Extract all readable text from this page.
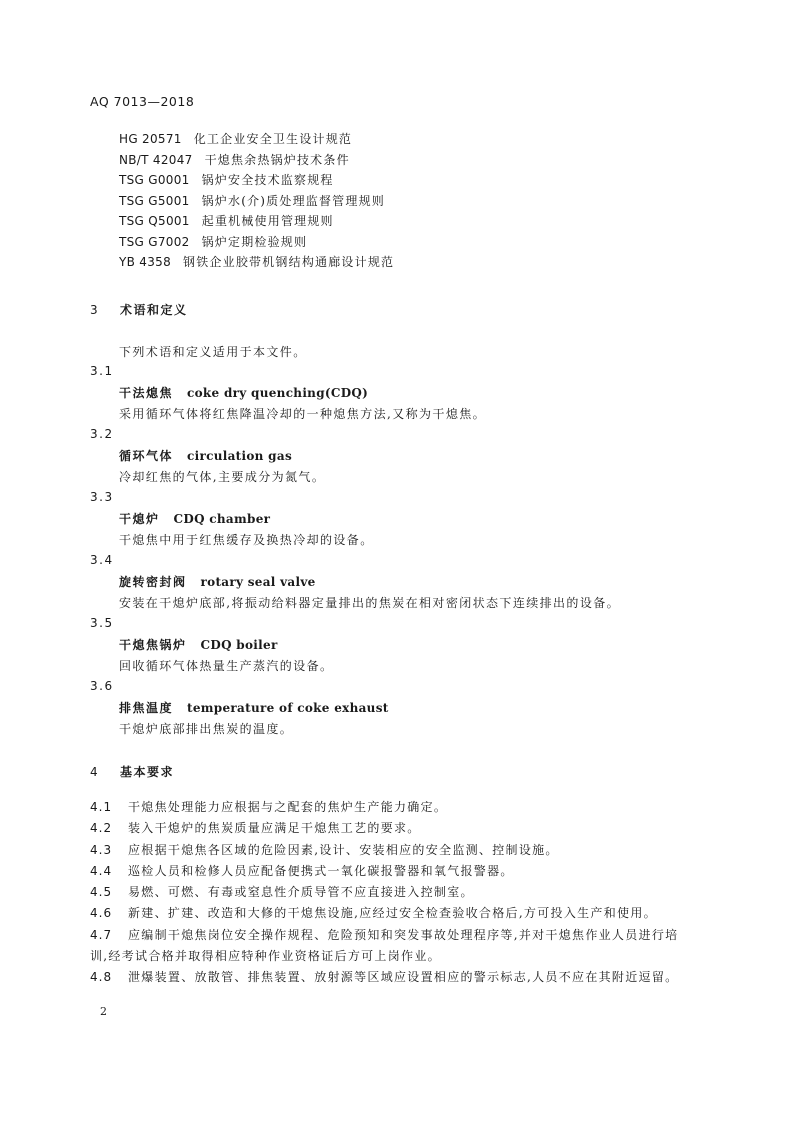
AQ 7013—2018
HG 20571 化工企业安全卫生设计规范
NB/T 42047 干熄焦余热锅炉技术条件
TSG G0001 锅炉安全技术监察规程
TSG G5001 锅炉水(介)质处理监督管理规则
TSG Q5001 起重机械使用管理规则
TSG G7002 锅炉定期检验规则
YB 4358 钢铁企业胶带机钢结构通廊设计规范
3 术语和定义
下列术语和定义适用于本文件。
3.1
干法熄焦 coke dry quenching(CDQ)
采用循环气体将红焦降温冷却的一种熄焦方法,又称为干熄焦。
3.2
循环气体 circulation gas
冷却红焦的气体,主要成分为氮气。
3.3
干熄炉 CDQ chamber
干熄焦中用于红焦缓存及换热冷却的设备。
3.4
旋转密封阀 rotary seal valve
安装在干熄炉底部,将振动给料器定量排出的焦炭在相对密闭状态下连续排出的设备。
3.5
干熄焦锅炉 CDQ boiler
回收循环气体热量生产蒸汽的设备。
3.6
排焦温度 temperature of coke exhaust
干熄炉底部排出焦炭的温度。
4 基本要求
4.1 干熄焦处理能力应根据与之配套的焦炉生产能力确定。
4.2 装入干熄炉的焦炭质量应满足干熄焦工艺的要求。
4.3 应根据干熄焦各区域的危险因素,设计、安装相应的安全监测、控制设施。
4.4 巡检人员和检修人员应配备便携式一氧化碳报警器和氧气报警器。
4.5 易燃、可燃、有毒或窒息性介质导管不应直接进入控制室。
4.6 新建、扩建、改造和大修的干熄焦设施,应经过安全检查验收合格后,方可投入生产和使用。
4.7 应编制干熄焦岗位安全操作规程、危险预知和突发事故处理程序等,并对干熄焦作业人员进行培
训,经考试合格并取得相应特种作业资格证后方可上岗作业。
4.8 泄爆装置、放散管、排焦装置、放射源等区域应设置相应的警示标志,人员不应在其附近逗留。
2
